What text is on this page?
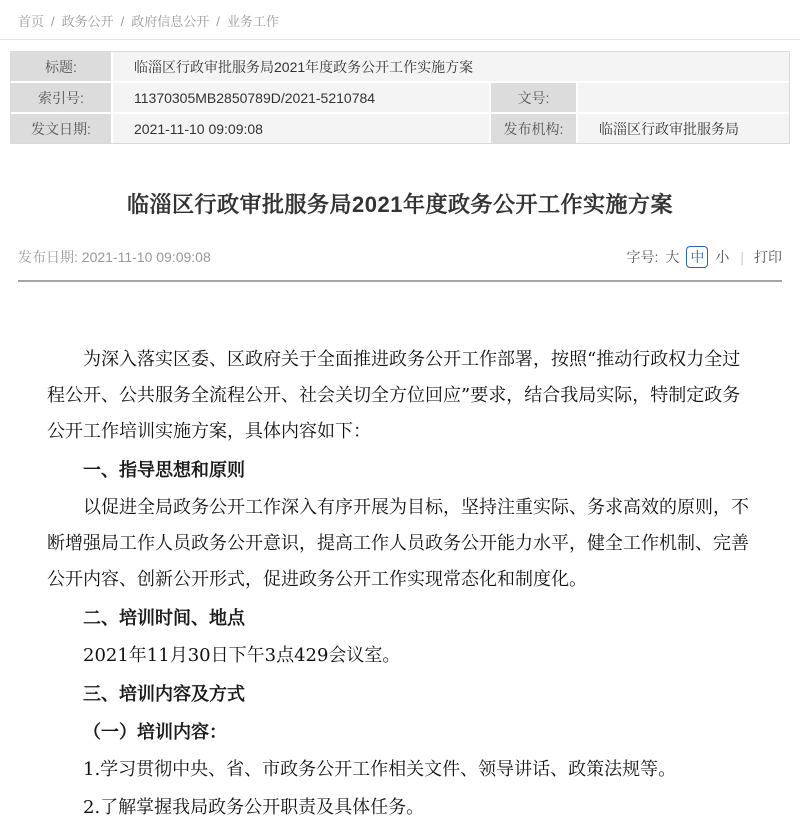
首页 / 政务公开 / 政府信息公开 / 业务工作
标题:	临淄区行政审批服务局2021年度政务公开工作实施方案
索引号:	11370305MB2850789D/2021-5210784	文号:
发文日期:	2021-11-10 09:09:08	发布机构:	临淄区行政审批服务局
临淄区行政审批服务局2021年度政务公开工作实施方案
发布日期: 2021-11-10 09:09:08	字号: 大 中 小 | 打印

为深入落实区委、区政府关于全面推进政务公开工作部署，按照“推动行政权力全过程公开、公共服务全流程公开、社会关切全方位回应”要求，结合我局实际，特制定政务公开工作培训实施方案，具体内容如下：

一、指导思想和原则

以促进全局政务公开工作深入有序开展为目标，坚持注重实际、务求高效的原则，不断增强局工作人员政务公开意识，提高工作人员政务公开能力水平，健全工作机制、完善公开内容、创新公开形式，促进政务公开工作实现常态化和制度化。

二、培训时间、地点

2021年11月30日下午3点429会议室。

三、培训内容及方式

（一）培训内容：

1.学习贯彻中央、省、市政务公开工作相关文件、领导讲话、政策法规等。

2.了解掌握我局政务公开职责及具体任务。
